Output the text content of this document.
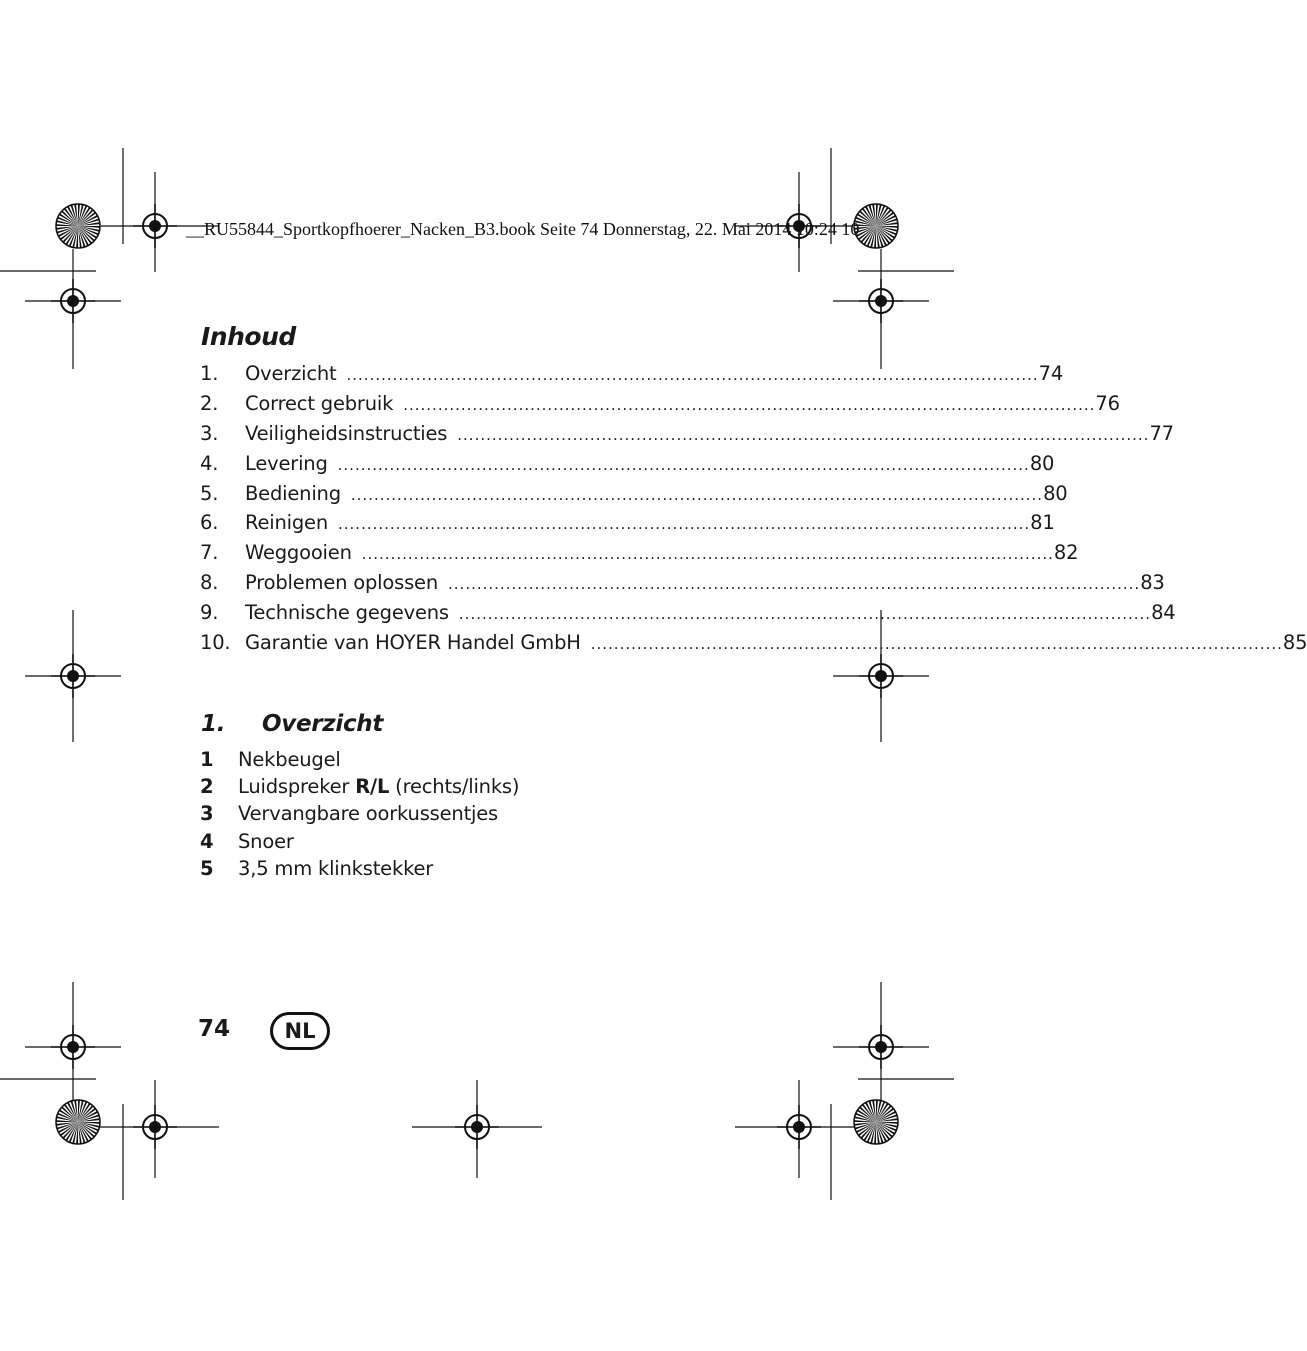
__RU55844_Sportkopfhoerer_Nacken_B3.book Seite 74 Donnerstag, 22. Mai 2014 10:24 10
Inhoud
1.	Overzicht ........................................................................................................................ 74
2.	Correct gebruik ........................................................................................................................ 76
3.	Veiligheidsinstructies ........................................................................................................................ 77
4.	Levering ........................................................................................................................ 80
5.	Bediening ........................................................................................................................ 80
6.	Reinigen ........................................................................................................................ 81
7.	Weggooien ........................................................................................................................ 82
8.	Problemen oplossen ........................................................................................................................ 83
9.	Technische gegevens ........................................................................................................................ 84
10. Garantie van HOYER Handel GmbH ........................................................................................................................ 85
1.	Overzicht
1	Nekbeugel
2	Luidspreker R/L (rechts/links)
3	Vervangbare oorkussentjes
4	Snoer
5	3,5 mm klinkstekker
74	NL
